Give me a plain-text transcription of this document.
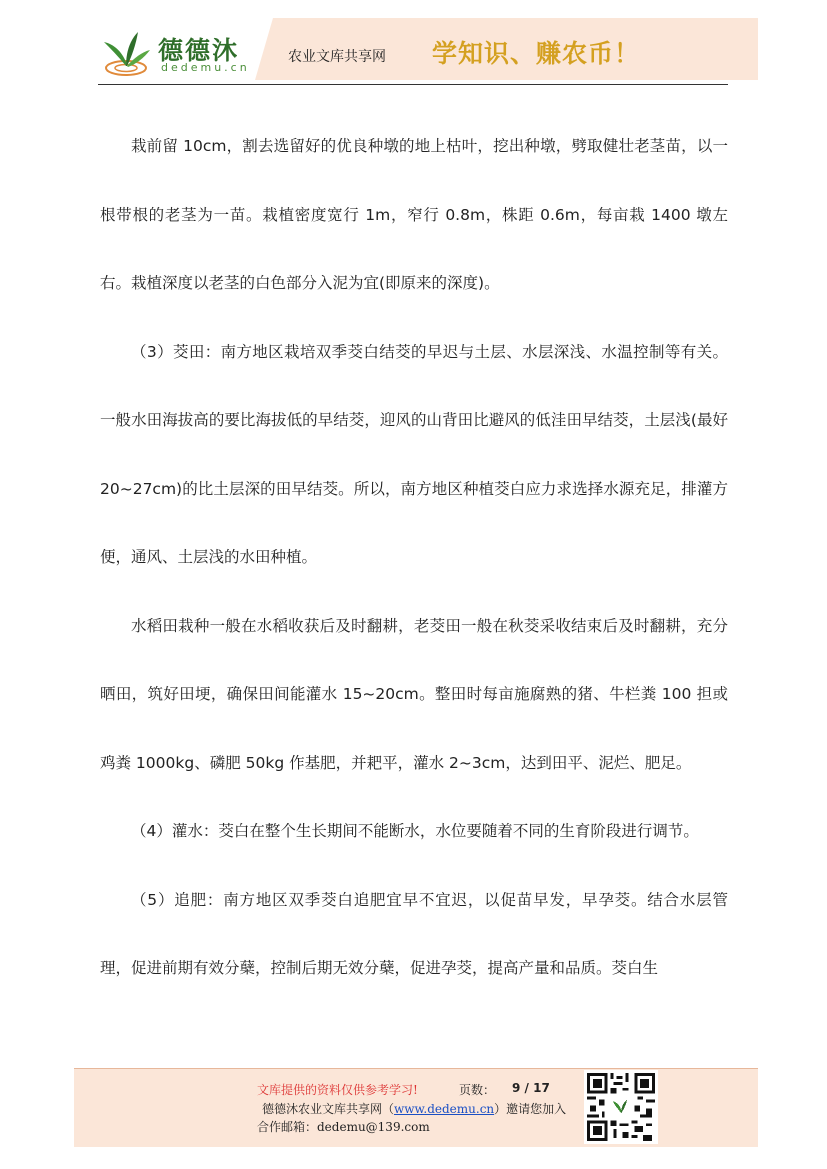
德德沐
dedemu.cn
农业文库共享网 学知识、赚农币！

栽前留 10cm，割去选留好的优良种墩的地上枯叶，挖出种墩，劈取健壮老茎苗，以一根带根的老茎为一苗。栽植密度宽行 1m，窄行 0.8m，株距 0.6m，每亩栽 1400 墩左右。栽植深度以老茎的白色部分入泥为宜(即原来的深度)。

（3）茭田：南方地区栽培双季茭白结茭的早迟与土层、水层深浅、水温控制等有关。一般水田海拔高的要比海拔低的早结茭，迎风的山背田比避风的低洼田早结茭，土层浅(最好 20~27cm)的比土层深的田早结茭。所以，南方地区种植茭白应力求选择水源充足，排灌方便，通风、土层浅的水田种植。

水稻田栽种一般在水稻收获后及时翻耕，老茭田一般在秋茭采收结束后及时翻耕，充分晒田，筑好田埂，确保田间能灌水 15~20cm。整田时每亩施腐熟的猪、牛栏粪 100 担或鸡粪 1000kg、磷肥 50kg 作基肥，并耙平，灌水 2~3cm，达到田平、泥烂、肥足。

（4）灌水：茭白在整个生长期间不能断水，水位要随着不同的生育阶段进行调节。

（5）追肥：南方地区双季茭白追肥宜早不宜迟，以促苗早发，早孕茭。结合水层管理，促进前期有效分蘖，控制后期无效分蘖，促进孕茭，提高产量和品质。茭白生

文库提供的资料仅供参考学习!	页数： 9 / 17
德德沐农业文库共享网（www.dedemu.cn）邀请您加入
合作邮箱：dedemu@139.com
